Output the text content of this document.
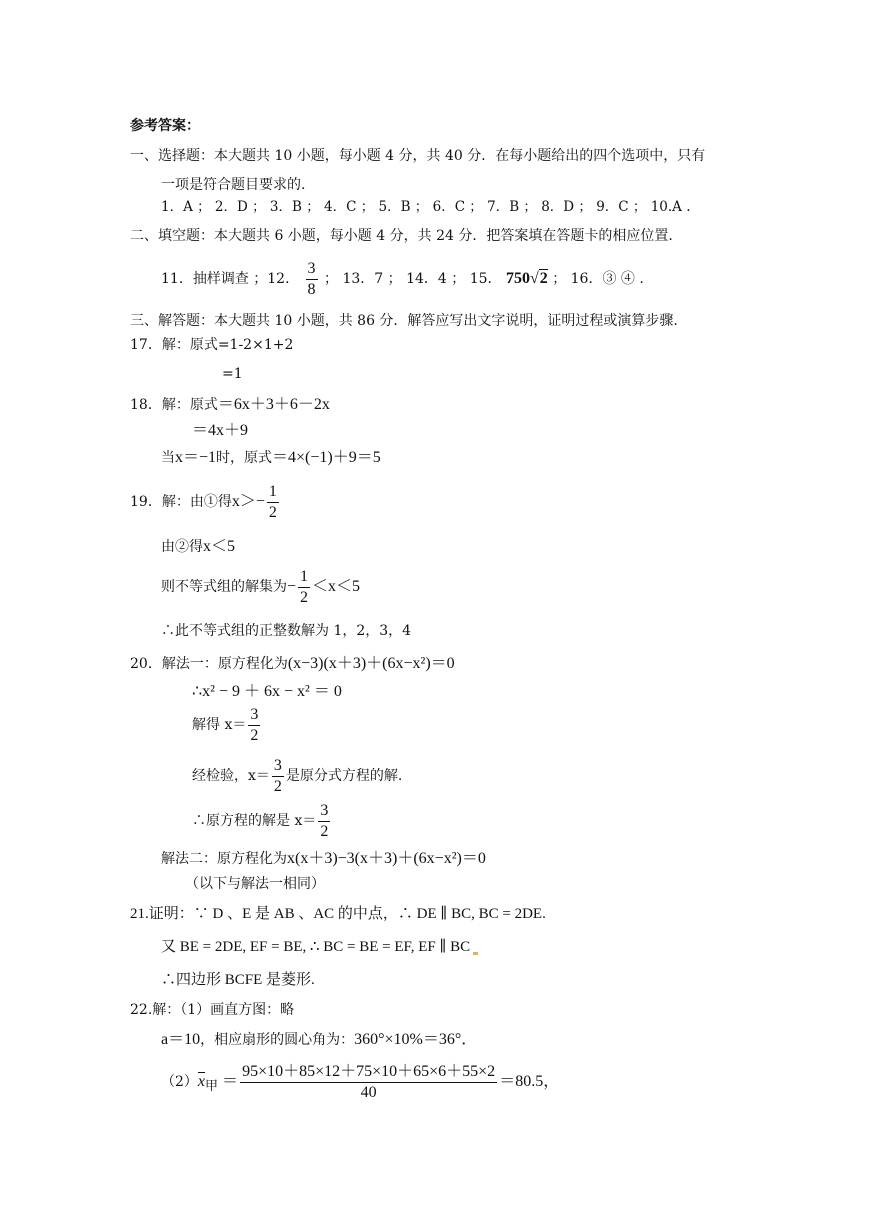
参考答案：
一、选择题：本大题共 10 小题，每小题 4 分，共 40 分．在每小题给出的四个选项中，只有
一项是符合题目要求的.
1．A ； 2．D ； 3．B ； 4．C ； 5．B ； 6．C ； 7．B ； 8．D ； 9．C ； 10.A .
二、填空题：本大题共 6 小题，每小题 4 分，共 24 分．把答案填在答题卡的相应位置.
11．抽样调查 ；12． $\frac{3}{8}$ ； 13．7 ； 14．4 ； 15． 750√2 ； 16．③ ④ .
三、解答题：本大题共 10 小题，共 86 分．解答应写出文字说明，证明过程或演算步骤.
17．解：原式=1-2×1+2
=1
18．解：原式＝6x＋3＋6－2x
＝4x＋9
当x＝−1时，原式＝4×(−1)＋9＝5
19．解：由①得$x>- \frac{1}{2}$
由②得x＜5
则不等式组的解集为− $\frac{1}{2} <x<5$
∴此不等式组的正整数解为 1，2，3，4
20．解法一：原方程化为(x−3)(x＋3)＋(6x−x²)＝0
∴x² − 9 ＋ 6x − x² ＝ 0
解得 $x= \frac{3}{2}$
经检验，$x= \frac{3}{2}$ 是原分式方程的解.
∴原方程的解是 $x= \frac{3}{2}$
解法二：原方程化为x(x＋3)−3(x＋3)＋(6x−x²)＝0
（以下与解法一相同）
21.证明：∵ D 、E 是 AB 、AC 的中点，∴ DE ∥ BC, BC = 2DE.
又 BE = 2DE, EF = BE, ∴ BC = BE = EF, EF ∥ BC
∴四边形 BCFE 是菱形.
22.解：（1）画直方图：略
a＝10，相应扇形的圆心角为：360°×10%＝36°．
$(2)\overline{x}_甲 = \frac{95\times 10+85\times 12+75\times 10+65\times 6+55\times 2}{40} =80.5$，
